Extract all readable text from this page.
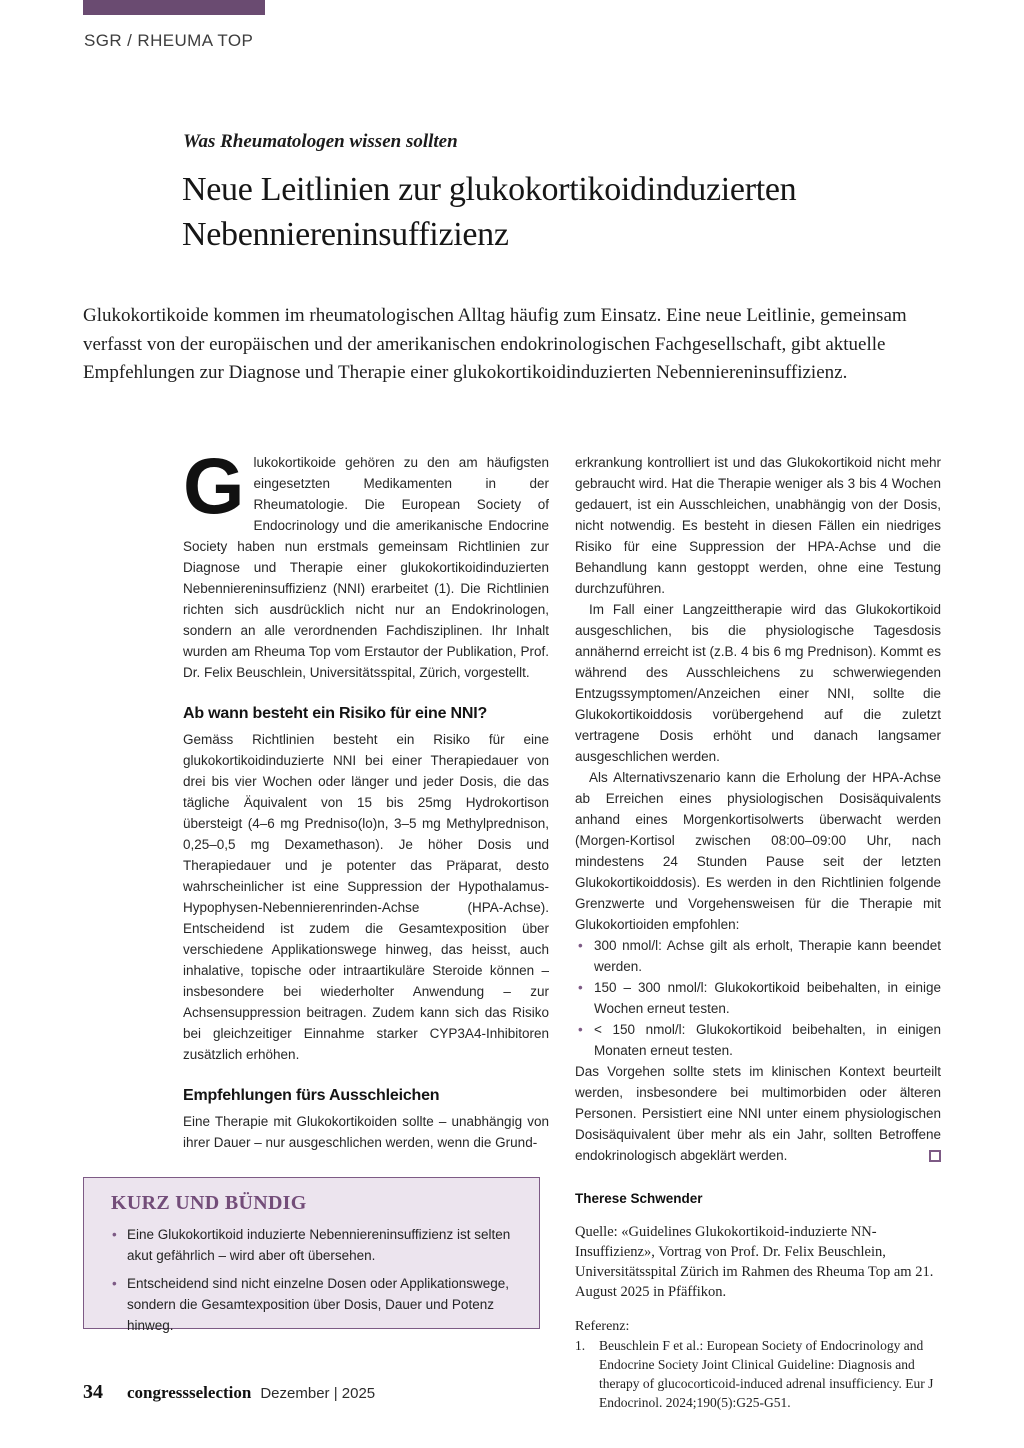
SGR / RHEUMA TOP
Was Rheumatologen wissen sollten
Neue Leitlinien zur glukokortikoidinduzierten Nebenniereninsuffizienz
Glukokortikoide kommen im rheumatologischen Alltag häufig zum Einsatz. Eine neue Leitlinie, gemeinsam verfasst von der europäischen und der amerikanischen endokrinologischen Fachgesellschaft, gibt aktuelle Empfehlungen zur Diagnose und Therapie einer glukokortikoidinduzierten Nebenniereninsuffizienz.

Glukokortikoide gehören zu den am häufigsten eingesetzten Medikamenten in der Rheumatologie. Die European Society of Endocrinology und die amerikanische Endocrine Society haben nun erstmals gemeinsam Richtlinien zur Diagnose und Therapie einer glukokortikoidinduzierten Nebenniereninsuffizienz (NNI) erarbeitet (1). Die Richtlinien richten sich ausdrücklich nicht nur an Endokrinologen, sondern an alle verordnenden Fachdisziplinen. Ihr Inhalt wurden am Rheuma Top vom Erstautor der Publikation, Prof. Dr. Felix Beuschlein, Universitätsspital, Zürich, vorgestellt.

Ab wann besteht ein Risiko für eine NNI?

Gemäss Richtlinien besteht ein Risiko für eine glukokortikoidinduzierte NNI bei einer Therapiedauer von drei bis vier Wochen oder länger und jeder Dosis, die das tägliche Äquivalent von 15 bis 25mg Hydrokortison übersteigt (4–6 mg Predniso(lo)n, 3–5 mg Methylprednison, 0,25–0,5 mg Dexamethason). Je höher Dosis und Therapiedauer und je potenter das Präparat, desto wahrscheinlicher ist eine Suppression der Hypothalamus-Hypophysen-Nebennierenrinden-Achse (HPA-Achse). Entscheidend ist zudem die Gesamtexposition über verschiedene Applikationswege hinweg, das heisst, auch inhalative, topische oder intraartikuläre Steroide können – insbesondere bei wiederholter Anwendung – zur Achsensuppression beitragen. Zudem kann sich das Risiko bei gleichzeitiger Einnahme starker CYP3A4-Inhibitoren zusätzlich erhöhen.

Empfehlungen fürs Ausschleichen

Eine Therapie mit Glukokortikoiden sollte – unabhängig von ihrer Dauer – nur ausgeschlichen werden, wenn die Grund-

erkrankung kontrolliert ist und das Glukokortikoid nicht mehr gebraucht wird. Hat die Therapie weniger als 3 bis 4 Wochen gedauert, ist ein Ausschleichen, unabhängig von der Dosis, nicht notwendig. Es besteht in diesen Fällen ein niedriges Risiko für eine Suppression der HPA-Achse und die Behandlung kann gestoppt werden, ohne eine Testung durchzuführen.

Im Fall einer Langzeittherapie wird das Glukokortikoid ausgeschlichen, bis die physiologische Tagesdosis annähernd erreicht ist (z.B. 4 bis 6 mg Prednison). Kommt es während des Ausschleichens zu schwerwiegenden Entzugssymptomen/Anzeichen einer NNI, sollte die Glukokortikoiddosis vorübergehend auf die zuletzt vertragene Dosis erhöht und danach langsamer ausgeschlichen werden.

Als Alternativszenario kann die Erholung der HPA-Achse ab Erreichen eines physiologischen Dosisäquivalents anhand eines Morgenkortisolwerts überwacht werden (Morgen-Kortisol zwischen 08:00–09:00 Uhr, nach mindestens 24 Stunden Pause seit der letzten Glukokortikoiddosis). Es werden in den Richtlinien folgende Grenzwerte und Vorgehensweisen für die Therapie mit Glukokortioiden empfohlen:

• 300 nmol/l: Achse gilt als erholt, Therapie kann beendet werden.
• 150 – 300 nmol/l: Glukokortikoid beibehalten, in einige Wochen erneut testen.
• < 150 nmol/l: Glukokortikoid beibehalten, in einigen Monaten erneut testen.

Das Vorgehen sollte stets im klinischen Kontext beurteilt werden, insbesondere bei multimorbiden oder älteren Personen. Persistiert eine NNI unter einem physiologischen Dosisäquivalent über mehr als ein Jahr, sollten Betroffene endokrinologisch abgeklärt werden.

Therese Schwender
Quelle: «Guidelines Glukokortikoid-induzierte NN-Insuffizienz», Vortrag von Prof. Dr. Felix Beuschlein, Universitätsspital Zürich im Rahmen des Rheuma Top am 21. August 2025 in Pfäffikon.
Referenz:
1.	Beuschlein F et al.: European Society of Endocrinology and Endocrine Society Joint Clinical Guideline: Diagnosis and therapy of glucocorticoid-induced adrenal insufficiency. Eur J Endocrinol. 2024;190(5):G25-G51.
KURZ UND BÜNDIG
• Eine Glukokortikoid induzierte Nebenniereninsuffizienz ist selten akut gefährlich – wird aber oft übersehen.
• Entscheidend sind nicht einzelne Dosen oder Applikationswege, sondern die Gesamtexposition über Dosis, Dauer und Potenz hinweg.
34 congressselection Dezember | 2025
